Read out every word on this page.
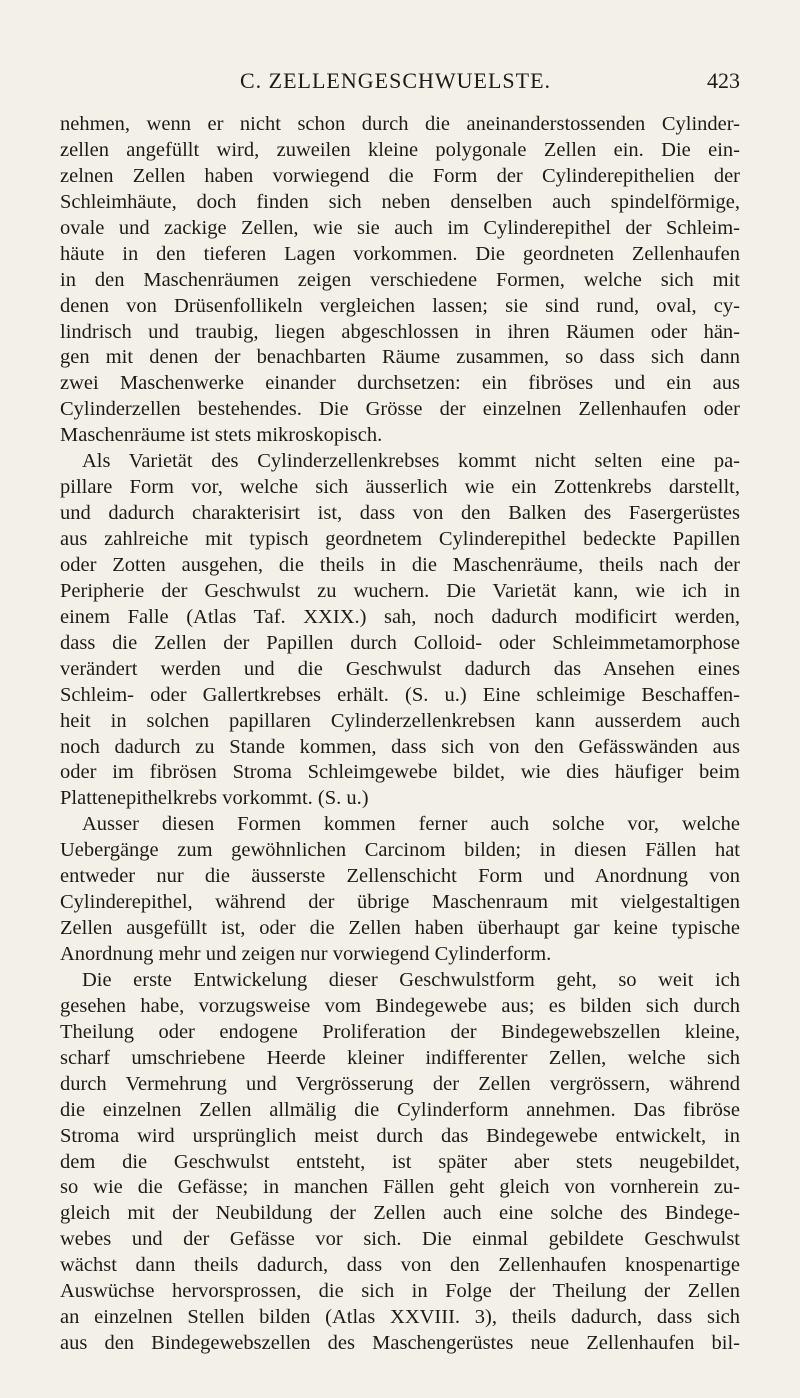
C. ZELLENGESCHWUELSTE.	423
nehmen, wenn er nicht schon durch die aneinanderstossenden Cylinder-
zellen angefüllt wird, zuweilen kleine polygonale Zellen ein. Die ein-
zelnen Zellen haben vorwiegend die Form der Cylinderepithelien der
Schleimhäute, doch finden sich neben denselben auch spindelförmige,
ovale und zackige Zellen, wie sie auch im Cylinderepithel der Schleim-
häute in den tieferen Lagen vorkommen. Die geordneten Zellenhaufen
in den Maschenräumen zeigen verschiedene Formen, welche sich mit
denen von Drüsenfollikeln vergleichen lassen; sie sind rund, oval, cy-
lindrisch und traubig, liegen abgeschlossen in ihren Räumen oder hän-
gen mit denen der benachbarten Räume zusammen, so dass sich dann
zwei Maschenwerke einander durchsetzen: ein fibröses und ein aus
Cylinderzellen bestehendes. Die Grösse der einzelnen Zellenhaufen oder
Maschenräume ist stets mikroskopisch.
Als Varietät des Cylinderzellenkrebses kommt nicht selten eine pa-
pillare Form vor, welche sich äusserlich wie ein Zottenkrebs darstellt,
und dadurch charakterisirt ist, dass von den Balken des Fasergerüstes
aus zahlreiche mit typisch geordnetem Cylinderepithel bedeckte Papillen
oder Zotten ausgehen, die theils in die Maschenräume, theils nach der
Peripherie der Geschwulst zu wuchern. Die Varietät kann, wie ich in
einem Falle (Atlas Taf. XXIX.) sah, noch dadurch modificirt werden,
dass die Zellen der Papillen durch Colloid- oder Schleimmetamorphose
verändert werden und die Geschwulst dadurch das Ansehen eines
Schleim- oder Gallertkrebses erhält. (S. u.) Eine schleimige Beschaffen-
heit in solchen papillaren Cylinderzellenkrebsen kann ausserdem auch
noch dadurch zu Stande kommen, dass sich von den Gefässwänden aus
oder im fibrösen Stroma Schleimgewebe bildet, wie dies häufiger beim
Plattenepithelkrebs vorkommt. (S. u.)
Ausser diesen Formen kommen ferner auch solche vor, welche
Uebergänge zum gewöhnlichen Carcinom bilden; in diesen Fällen hat
entweder nur die äusserste Zellenschicht Form und Anordnung von
Cylinderepithel, während der übrige Maschenraum mit vielgestaltigen
Zellen ausgefüllt ist, oder die Zellen haben überhaupt gar keine typische
Anordnung mehr und zeigen nur vorwiegend Cylinderform.
Die erste Entwickelung dieser Geschwulstform geht, so weit ich
gesehen habe, vorzugsweise vom Bindegewebe aus; es bilden sich durch
Theilung oder endogene Proliferation der Bindegewebszellen kleine,
scharf umschriebene Heerde kleiner indifferenter Zellen, welche sich
durch Vermehrung und Vergrösserung der Zellen vergrössern, während
die einzelnen Zellen allmälig die Cylinderform annehmen. Das fibröse
Stroma wird ursprünglich meist durch das Bindegewebe entwickelt, in
dem die Geschwulst entsteht, ist später aber stets neugebildet,
so wie die Gefässe; in manchen Fällen geht gleich von vornherein zu-
gleich mit der Neubildung der Zellen auch eine solche des Bindege-
webes und der Gefässe vor sich. Die einmal gebildete Geschwulst
wächst dann theils dadurch, dass von den Zellenhaufen knospenartige
Auswüchse hervorsprossen, die sich in Folge der Theilung der Zellen
an einzelnen Stellen bilden (Atlas XXVIII. 3), theils dadurch, dass sich
aus den Bindegewebszellen des Maschengerüstes neue Zellenhaufen bil-
